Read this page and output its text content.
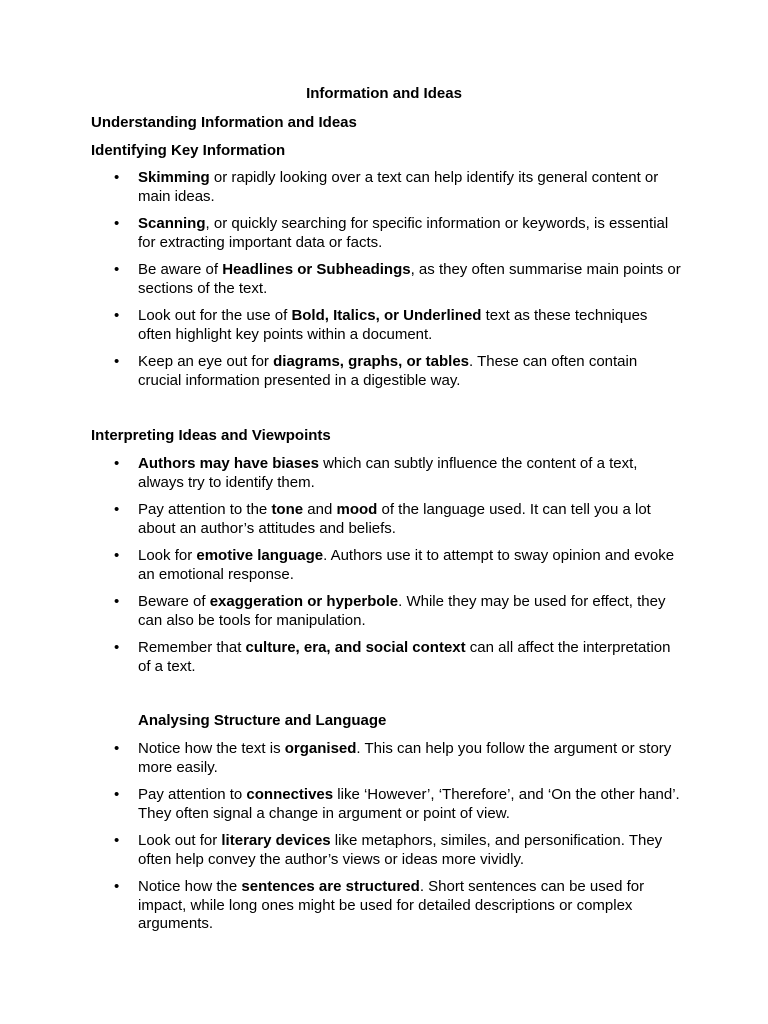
Information and Ideas
Understanding Information and Ideas
Identifying Key Information
• Skimming or rapidly looking over a text can help identify its general content or main ideas.
• Scanning, or quickly searching for specific information or keywords, is essential for extracting important data or facts.
• Be aware of Headlines or Subheadings, as they often summarise main points or sections of the text.
• Look out for the use of Bold, Italics, or Underlined text as these techniques often highlight key points within a document.
• Keep an eye out for diagrams, graphs, or tables. These can often contain crucial information presented in a digestible way.
Interpreting Ideas and Viewpoints
• Authors may have biases which can subtly influence the content of a text, always try to identify them.
• Pay attention to the tone and mood of the language used. It can tell you a lot about an author’s attitudes and beliefs.
• Look for emotive language. Authors use it to attempt to sway opinion and evoke an emotional response.
• Beware of exaggeration or hyperbole. While they may be used for effect, they can also be tools for manipulation.
• Remember that culture, era, and social context can all affect the interpretation of a text.
Analysing Structure and Language
• Notice how the text is organised. This can help you follow the argument or story more easily.
• Pay attention to connectives like ‘However’, ‘Therefore’, and ‘On the other hand’. They often signal a change in argument or point of view.
• Look out for literary devices like metaphors, similes, and personification. They often help convey the author’s views or ideas more vividly.
• Notice how the sentences are structured. Short sentences can be used for impact, while long ones might be used for detailed descriptions or complex arguments.
